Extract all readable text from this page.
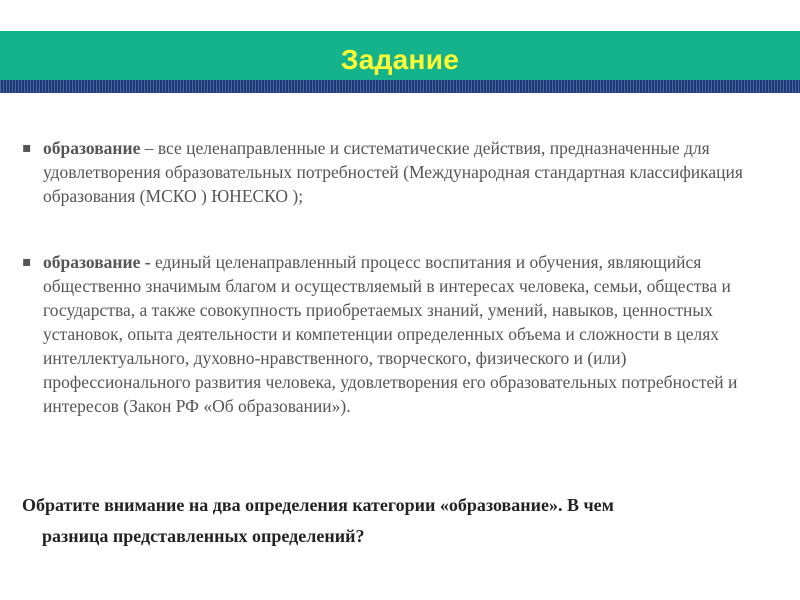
Задание
▪ образование – все целенаправленные и систематические действия, предназначенные для удовлетворения образовательных потребностей (Международная стандартная классификация образования (МСКО ) ЮНЕСКО );
▪ образование - единый целенаправленный процесс воспитания и обучения, являющийся общественно значимым благом и осуществляемый в интересах человека, семьи, общества и государства, а также совокупность приобретаемых знаний, умений, навыков, ценностных установок, опыта деятельности и компетенции определенных объема и сложности в целях интеллектуального, духовно-нравственного, творческого, физического и (или) профессионального развития человека, удовлетворения его образовательных потребностей и интересов (Закон РФ «Об образовании»).
Обратите внимание на два определения категории «образование». В чем
разница представленных определений?
